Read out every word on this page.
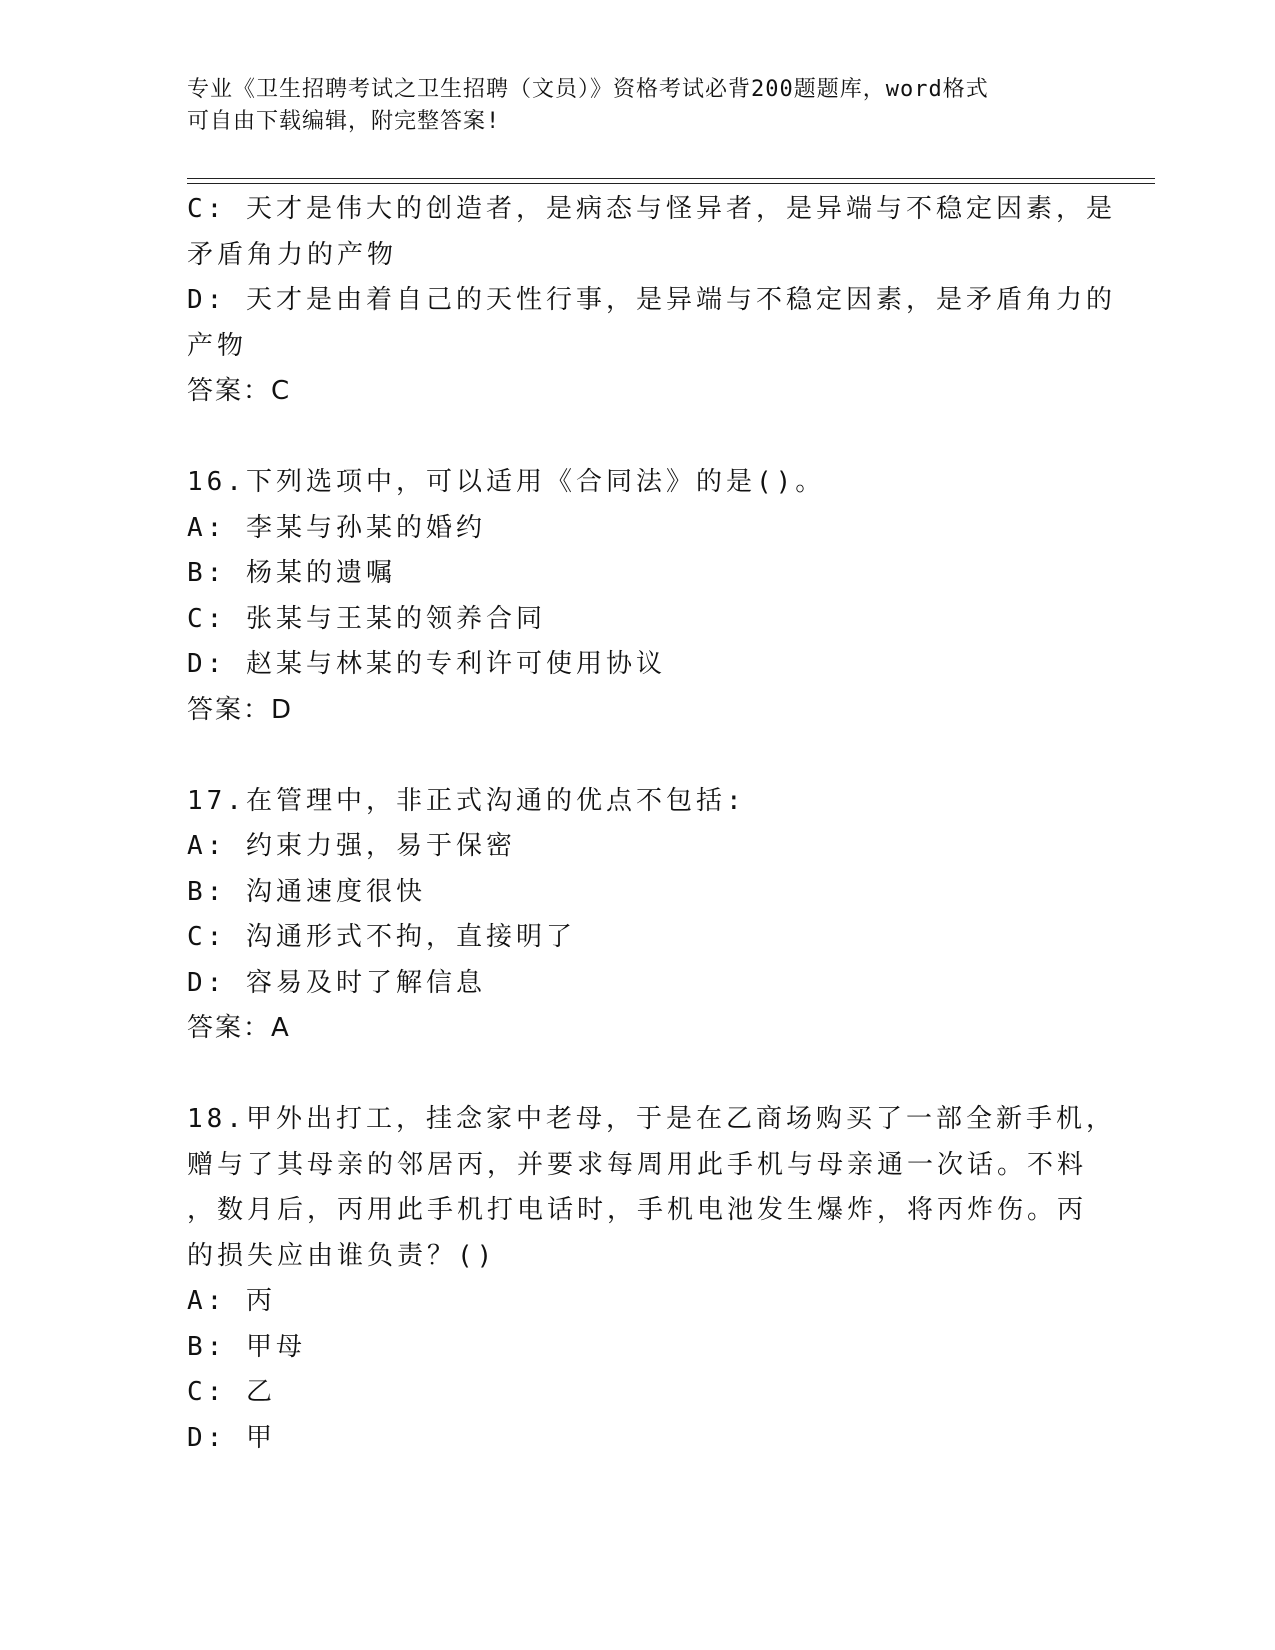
专业《卫生招聘考试之卫生招聘（文员）》资格考试必背200题题库，word格式
可自由下载编辑，附完整答案!
C: 天才是伟大的创造者，是病态与怪异者，是异端与不稳定因素，是
矛盾角力的产物
D: 天才是由着自己的天性行事，是异端与不稳定因素，是矛盾角力的
产物
答案：C
16.下列选项中，可以适用《合同法》的是()。
A: 李某与孙某的婚约
B: 杨某的遗嘱
C: 张某与王某的领养合同
D: 赵某与林某的专利许可使用协议
答案：D
17.在管理中，非正式沟通的优点不包括:
A: 约束力强，易于保密
B: 沟通速度很快
C: 沟通形式不拘，直接明了
D: 容易及时了解信息
答案：A
18.甲外出打工，挂念家中老母，于是在乙商场购买了一部全新手机，
赠与了其母亲的邻居丙，并要求每周用此手机与母亲通一次话。不料
，数月后，丙用此手机打电话时，手机电池发生爆炸，将丙炸伤。丙
的损失应由谁负责？()
A: 丙
B: 甲母
C: 乙
D: 甲
